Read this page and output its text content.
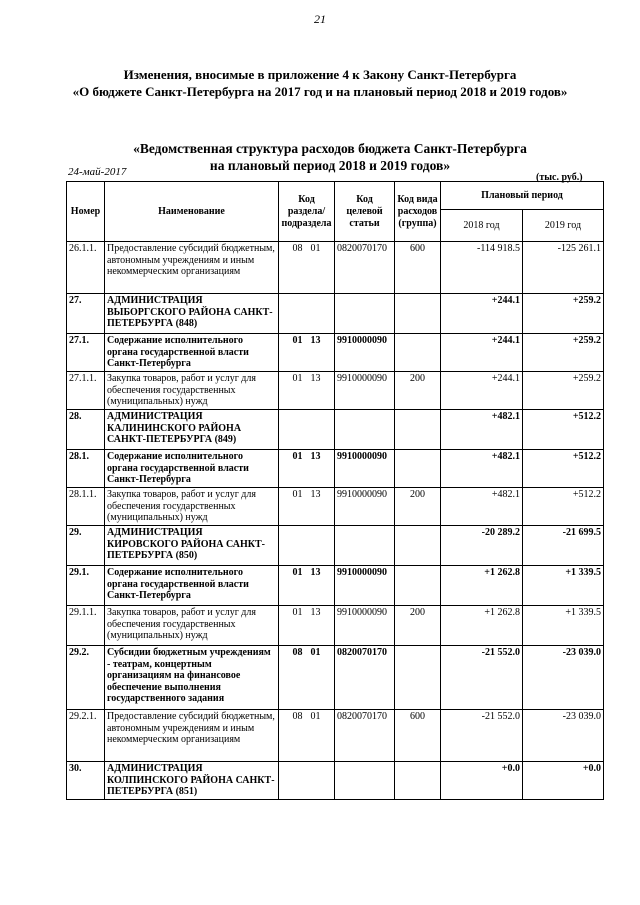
21
Изменения, вносимые в приложение 4 к Закону Санкт-Петербурга
«О бюджете Санкт-Петербурга на 2017 год и на плановый период 2018 и 2019 годов»
«Ведомственная структура расходов бюджета Санкт-Петербурга
на плановый период 2018 и 2019 годов»
24-май-2017	(тыс. руб.)
Номер	Наименование	Код раздела/ подраздела	Код целевой статьи	Код вида расходов (группа)	Плановый период	
					2018 год	2019 год
26.1.1.	Предоставление субсидий бюджетным, автономным учреждениям и иным некоммерческим организациям	08 01	0820070170	600	-114 918.5	-125 261.1
27.	АДМИНИСТРАЦИЯ ВЫБОРГСКОГО РАЙОНА САНКТ-ПЕТЕРБУРГА (848)				+244.1	+259.2
27.1.	Содержание исполнительного органа государственной власти Санкт-Петербурга	01 13	9910000090		+244.1	+259.2
27.1.1.	Закупка товаров, работ и услуг для обеспечения государственных (муниципальных) нужд	01 13	9910000090	200	+244.1	+259.2
28.	АДМИНИСТРАЦИЯ КАЛИНИНСКОГО РАЙОНА САНКТ-ПЕТЕРБУРГА (849)				+482.1	+512.2
28.1.	Содержание исполнительного органа государственной власти Санкт-Петербурга	01 13	9910000090		+482.1	+512.2
28.1.1.	Закупка товаров, работ и услуг для обеспечения государственных (муниципальных) нужд	01 13	9910000090	200	+482.1	+512.2
29.	АДМИНИСТРАЦИЯ КИРОВСКОГО РАЙОНА САНКТ-ПЕТЕРБУРГА (850)				-20 289.2	-21 699.5
29.1.	Содержание исполнительного органа государственной власти Санкт-Петербурга	01 13	9910000090		+1 262.8	+1 339.5
29.1.1.	Закупка товаров, работ и услуг для обеспечения государственных (муниципальных) нужд	01 13	9910000090	200	+1 262.8	+1 339.5
29.2.	Субсидии бюджетным учреждениям - театрам, концертным организациям на финансовое обеспечение выполнения государственного задания	08 01	0820070170		-21 552.0	-23 039.0
29.2.1.	Предоставление субсидий бюджетным, автономным учреждениям и иным некоммерческим организациям	08 01	0820070170	600	-21 552.0	-23 039.0
30.	АДМИНИСТРАЦИЯ КОЛПИНСКОГО РАЙОНА САНКТ-ПЕТЕРБУРГА (851)				+0.0	+0.0
